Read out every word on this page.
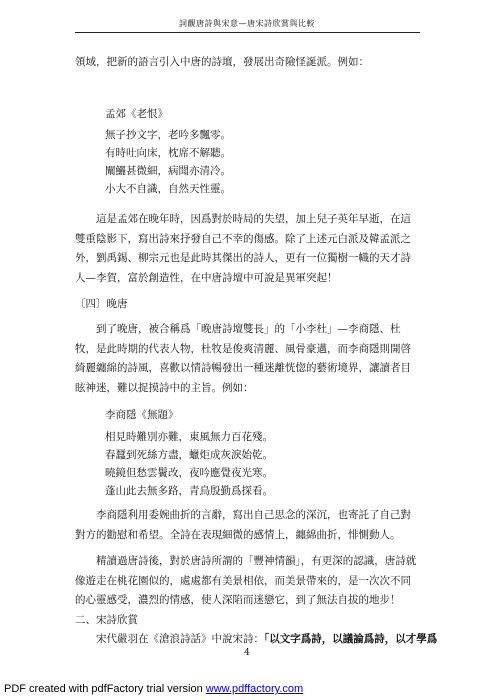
詞觀唐詩與宋意—唐宋詩欣賞與比較

領域，把新的語言引入中唐的詩壇，發展出奇險怪誕派。例如：

孟郊《老恨》
無子抄文字，老吟多飄零。
有時吐向床，枕席不解聽。
闡鱺甚微細，病聞亦清冷。
小大不自識，自然天性靈。

這是孟郊在晚年時，因爲對於時局的失望，加上兒子英年早逝，在這雙重陰影下，寫出詩來抒發自己不幸的傷感。除了上述元白派及韓孟派之外，劉禹錫、柳宗元也是此時其傑出的詩人，更有一位獨樹一幟的天才詩人—李賀，富於創造性，在中唐詩壇中可說是異軍突起！

〔四〕晚唐

到了晚唐，被合稱爲「晚唐詩壇雙長」的「小李杜」—李商隱、杜牧，是此時期的代表人物，杜牧是俊爽清麗、風骨豪邁，而李商隱則開啓綺麗纏綿的詩風，喜歡以情詩暢發出一種迷離恍惚的藝術境界，讓讀者目眩神迷，難以捉摸詩中的主旨。例如：

李商隱《無題》
相見時難別亦難，東風無力百花殘。
春蠶到死絲方盡，蠟炬成灰淚始乾。
曉鏡但愁雲鬢改，夜吟應覺夜光寒。
蓬山此去無多路，青鳥殷勤爲探看。

李商隱利用委婉曲折的言辭，寫出自己思念的深沉，也寄託了自己對對方的勸慰和希望。全詩在表現細微的感情上，纏綿曲折，悱惻動人。

精讀過唐詩後，對於唐詩所謂的「豐神情韻」，有更深的認識，唐詩就像遊走在桃花園似的，處處都有美景相依，而美景帶來的，是一次次不同的心靈感受，濃烈的情感，使人深陷而迷戀它，到了無法自拔的地步！

二、宋詩欣賞

宋代嚴羽在《滄浪詩話》中說宋詩：「以文字爲詩，以議論爲詩，以才學爲

4
PDF created with pdfFactory trial version www.pdffactory.com
